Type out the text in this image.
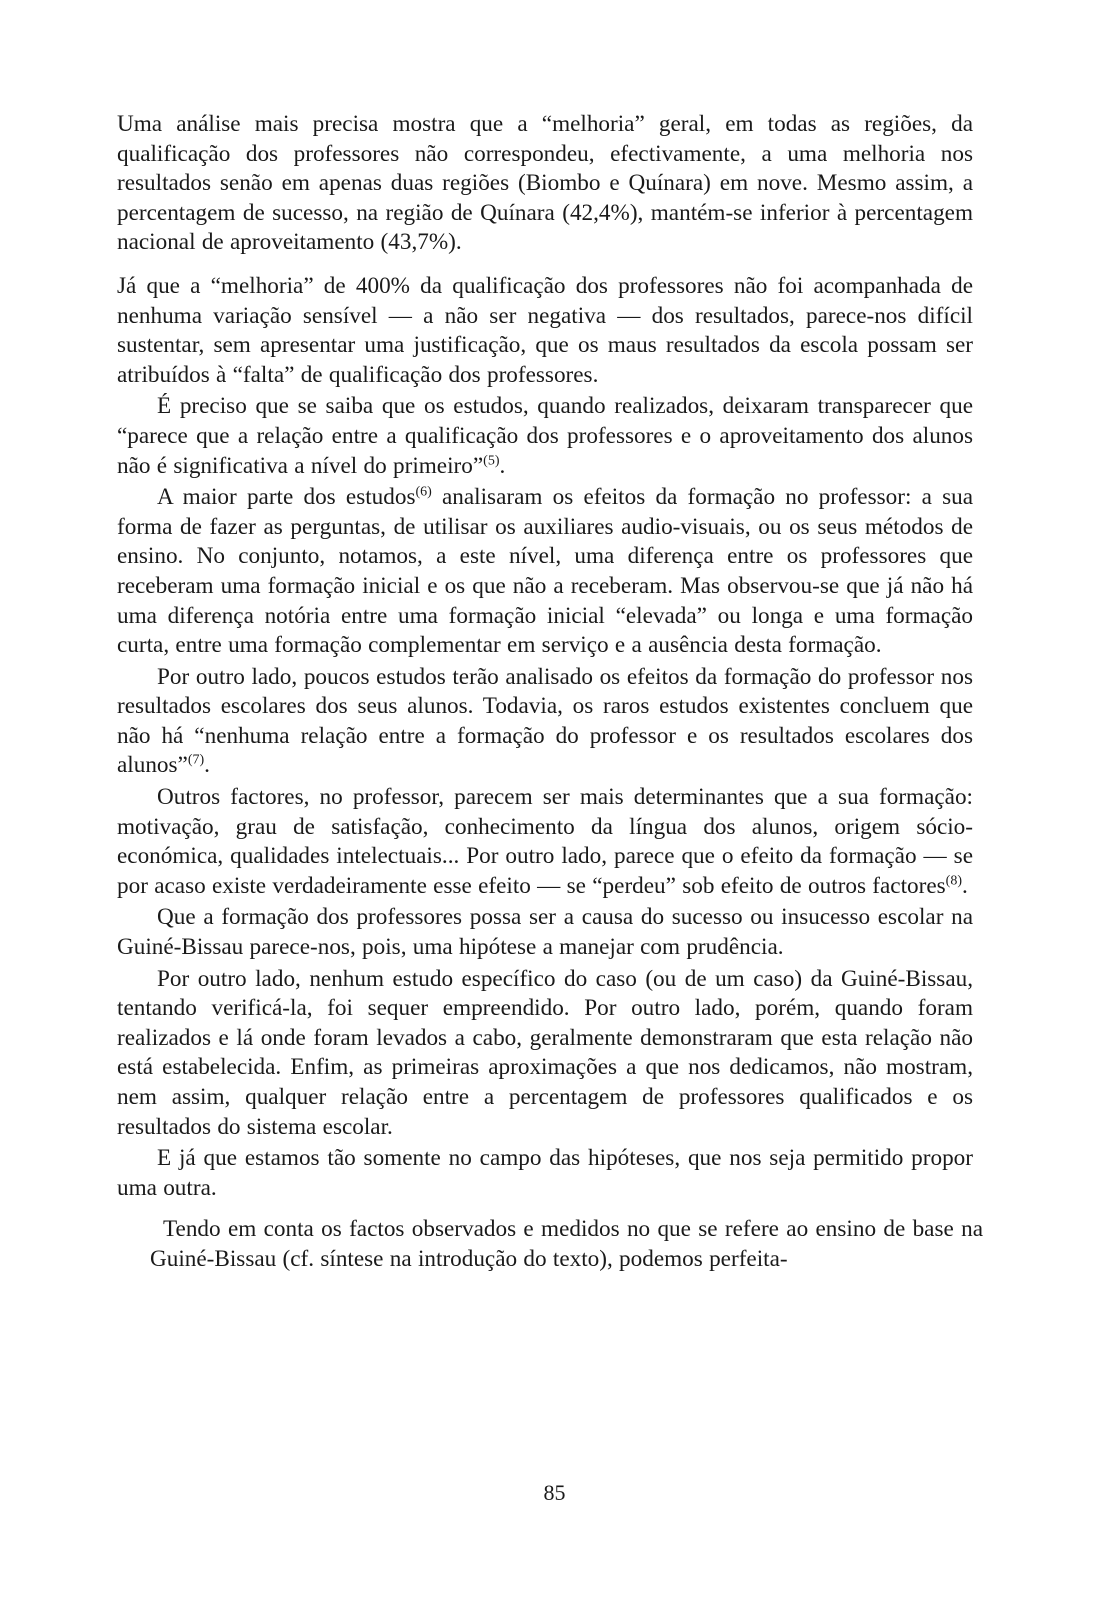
Uma análise mais precisa mostra que a “melhoria” geral, em todas as regiões, da qualificação dos professores não correspondeu, efectivamente, a uma melhoria nos resultados senão em apenas duas regiões (Biombo e Quínara) em nove. Mesmo assim, a percentagem de sucesso, na região de Quínara (42,4%), mantém-se inferior à percentagem nacional de aproveitamento (43,7%).

Já que a “melhoria” de 400% da qualificação dos professores não foi acompanhada de nenhuma variação sensível — a não ser negativa — dos resultados, parece-nos difícil sustentar, sem apresentar uma justificação, que os maus resultados da escola possam ser atribuídos à “falta” de qualificação dos professores.

É preciso que se saiba que os estudos, quando realizados, deixaram transparecer que “parece que a relação entre a qualificação dos professores e o aproveitamento dos alunos não é significativa a nível do primeiro”$^{(5)}$.

A maior parte dos estudos$^{(6)}$ analisaram os efeitos da formação no professor: a sua forma de fazer as perguntas, de utilisar os auxiliares audio-visuais, ou os seus métodos de ensino. No conjunto, notamos, a este nível, uma diferença entre os professores que receberam uma formação inicial e os que não a receberam. Mas observou-se que já não há uma diferença notória entre uma formação inicial “elevada” ou longa e uma formação curta, entre uma formação complementar em serviço e a ausência desta formação.

Por outro lado, poucos estudos terão analisado os efeitos da formação do professor nos resultados escolares dos seus alunos. Todavia, os raros estudos existentes concluem que não há “nenhuma relação entre a formação do professor e os resultados escolares dos alunos”$^{(7)}$.

Outros factores, no professor, parecem ser mais determinantes que a sua formação: motivação, grau de satisfação, conhecimento da língua dos alunos, origem sócio-económica, qualidades intelectuais... Por outro lado, parece que o efeito da formação — se por acaso existe verdadeiramente esse efeito — se “perdeu” sob efeito de outros factores$^{(8)}$.

Que a formação dos professores possa ser a causa do sucesso ou insucesso escolar na Guiné-Bissau parece-nos, pois, uma hipótese a manejar com prudência.

Por outro lado, nenhum estudo específico do caso (ou de um caso) da Guiné-Bissau, tentando verificá-la, foi sequer empreendido. Por outro lado, porém, quando foram realizados e lá onde foram levados a cabo, geralmente demonstraram que esta relação não está estabelecida. Enfim, as primeiras aproximações a que nos dedicamos, não mostram, nem assim, qualquer relação entre a percentagem de professores qualificados e os resultados do sistema escolar.

E já que estamos tão somente no campo das hipóteses, que nos seja permitido propor uma outra.

Tendo em conta os factos observados e medidos no que se refere ao ensino de base na Guiné-Bissau (cf. síntese na introdução do texto), podemos perfeita-

85
